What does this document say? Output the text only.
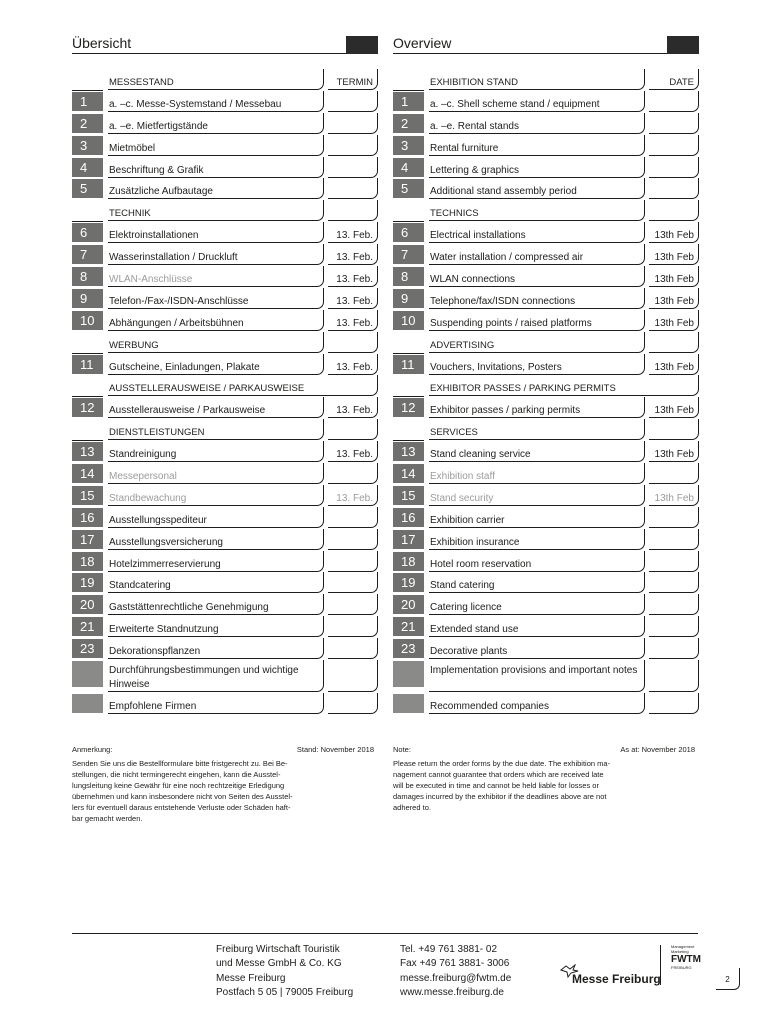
Übersicht
MESSESTAND	TERMIN
1	a. –c. Messe-Systemstand / Messebau
2	a. –e. Mietfertigstände
3	Mietmöbel
4	Beschriftung & Grafik
5	Zusätzliche Aufbautage
TECHNIK
6	Elektroinstallationen	13. Feb.
7	Wasserinstallation / Druckluft	13. Feb.
8	WLAN-Anschlüsse	13. Feb.
9	Telefon-/Fax-/ISDN-Anschlüsse	13. Feb.
10	Abhängungen / Arbeitsbühnen	13. Feb.
WERBUNG
11	Gutscheine, Einladungen, Plakate	13. Feb.
AUSSTELLERAUSWEISE / PARKAUSWEISE
12	Ausstellerausweise / Parkausweise	13. Feb.
DIENSTLEISTUNGEN
13	Standreinigung	13. Feb.
14	Messepersonal
15	Standbewachung	13. Feb.
16	Ausstellungsspediteur
17	Ausstellungsversicherung
18	Hotelzimmerreservierung
19	Standcatering
20	Gaststättenrechtliche Genehmigung
21	Erweiterte Standnutzung
23	Dekorationspflanzen
Durchführungsbestimmungen und wichtige Hinweise
Empfohlene Firmen
Overview
EXHIBITION STAND	DATE
1	a. –c. Shell scheme stand / equipment
2	a. –e. Rental stands
3	Rental furniture
4	Lettering & graphics
5	Additional stand assembly period
TECHNICS
6	Electrical installations	13th Feb
7	Water installation / compressed air	13th Feb
8	WLAN connections	13th Feb
9	Telephone/fax/ISDN connections	13th Feb
10	Suspending points / raised platforms	13th Feb
ADVERTISING
11	Vouchers, Invitations, Posters	13th Feb
EXHIBITOR PASSES / PARKING PERMITS
12	Exhibitor passes / parking permits	13th Feb
SERVICES
13	Stand cleaning service	13th Feb
14	Exhibition staff
15	Stand security	13th Feb
16	Exhibition carrier
17	Exhibition insurance
18	Hotel room reservation
19	Stand catering
20	Catering licence
21	Extended stand use
23	Decorative plants
Implementation provisions and important notes
Recommended companies
Anmerkung:	Stand: November 2018
Senden Sie uns die Bestellformulare bitte fristgerecht zu. Bei Be-
stellungen, die nicht termingerecht eingehen, kann die Ausstel-
lungsleitung keine Gewähr für eine noch rechtzeitige Erledigung
übernehmen und kann insbesondere nicht von Seiten des Ausstel-
lers für eventuell daraus entstehende Verluste oder Schäden haft-
bar gemacht werden.
Note:	As at: November 2018
Please return the order forms by the due date. The exhibition ma-
nagement cannot guarantee that orders which are received late
will be executed in time and cannot be held liable for losses or
damages incurred by the exhibitor if the deadlines above are not
adhered to.
Freiburg Wirtschaft Touristik
und Messe GmbH & Co. KG
Messe Freiburg
Postfach 5 05 | 79005 Freiburg
Tel. +49 761 3881- 02
Fax +49 761 3881- 3006
messe.freiburg@fwtm.de
www.messe.freiburg.de
Messe Freiburg
Management
Marketing
FWTM
FREIBURG
2
